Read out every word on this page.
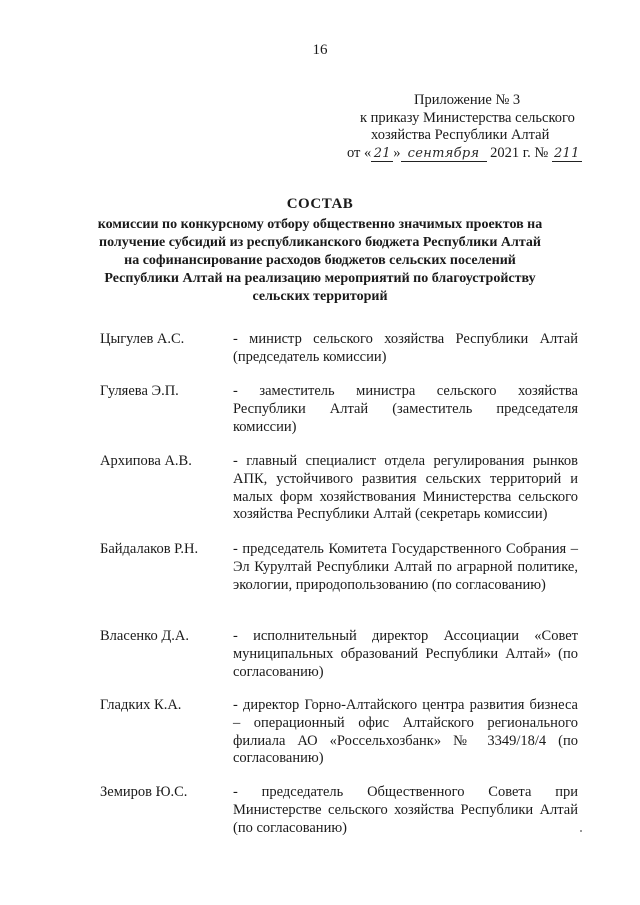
16
Приложение № 3
к приказу Министерства сельского
хозяйства Республики Алтай
от « 21 » сентября 2021 г. № 211
СОСТАВ
комиссии по конкурсному отбору общественно значимых проектов на получение субсидий из республиканского бюджета Республики Алтай на софинансирование расходов бюджетов сельских поселений Республики Алтай на реализацию мероприятий по благоустройству сельских территорий
Цыгулев А.С.	- министр сельского хозяйства Республики Алтай (председатель комиссии)
Гуляева Э.П.	- заместитель министра сельского хозяйства Республики Алтай (заместитель председателя комиссии)
Архипова А.В.	- главный специалист отдела регулирования рынков АПК, устойчивого развития сельских территорий и малых форм хозяйствования Министерства сельского хозяйства Республики Алтай (секретарь комиссии)
Байдалаков Р.Н.	- председатель Комитета Государственного Собрания – Эл Курултай Республики Алтай по аграрной политике, экологии, природопользованию (по согласованию)
Власенко Д.А.	- исполнительный директор Ассоциации «Совет муниципальных образований Республики Алтай» (по согласованию)
Гладких К.А.	- директор Горно-Алтайского центра развития бизнеса – операционный офис Алтайского регионального филиала АО «Россельхозбанк» № 3349/18/4 (по согласованию)
Земиров Ю.С.	- председатель Общественного Совета при Министерстве сельского хозяйства Республики Алтай (по согласованию)
